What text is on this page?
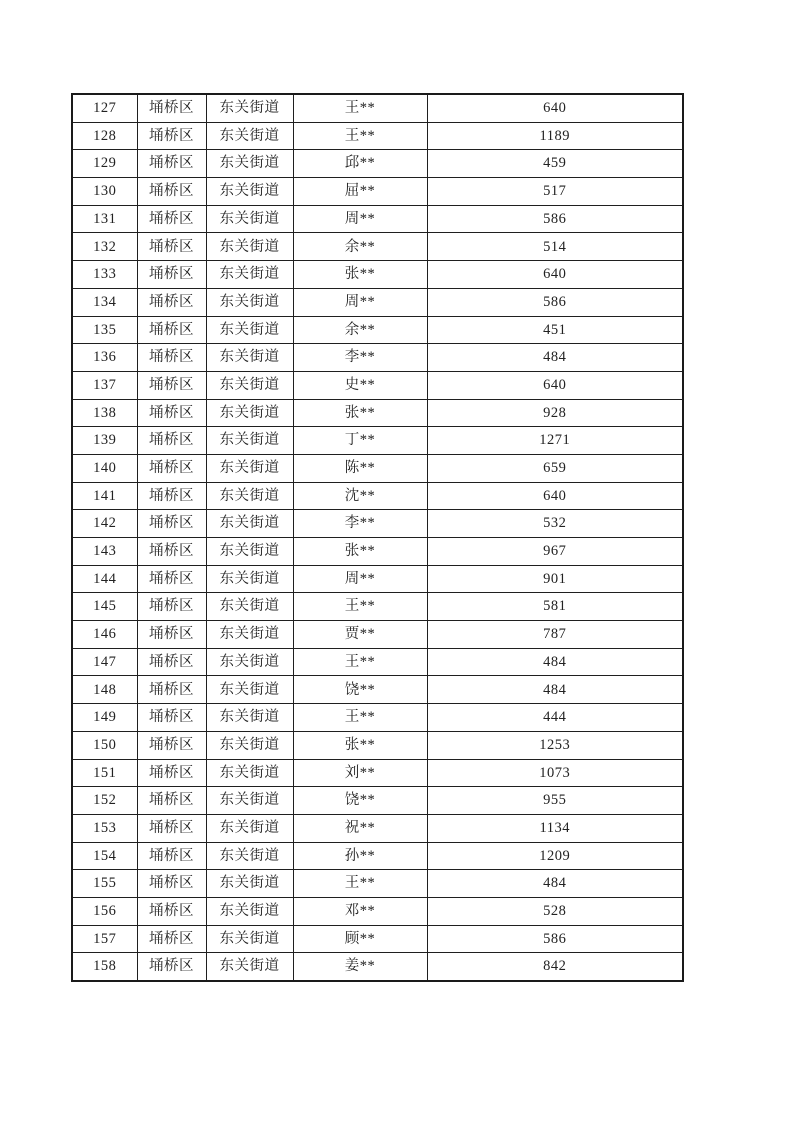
127	埇桥区	东关街道	王**	640
128	埇桥区	东关街道	王**	1189
129	埇桥区	东关街道	邱**	459
130	埇桥区	东关街道	屈**	517
131	埇桥区	东关街道	周**	586
132	埇桥区	东关街道	余**	514
133	埇桥区	东关街道	张**	640
134	埇桥区	东关街道	周**	586
135	埇桥区	东关街道	余**	451
136	埇桥区	东关街道	李**	484
137	埇桥区	东关街道	史**	640
138	埇桥区	东关街道	张**	928
139	埇桥区	东关街道	丁**	1271
140	埇桥区	东关街道	陈**	659
141	埇桥区	东关街道	沈**	640
142	埇桥区	东关街道	李**	532
143	埇桥区	东关街道	张**	967
144	埇桥区	东关街道	周**	901
145	埇桥区	东关街道	王**	581
146	埇桥区	东关街道	贾**	787
147	埇桥区	东关街道	王**	484
148	埇桥区	东关街道	饶**	484
149	埇桥区	东关街道	王**	444
150	埇桥区	东关街道	张**	1253
151	埇桥区	东关街道	刘**	1073
152	埇桥区	东关街道	饶**	955
153	埇桥区	东关街道	祝**	1134
154	埇桥区	东关街道	孙**	1209
155	埇桥区	东关街道	王**	484
156	埇桥区	东关街道	邓**	528
157	埇桥区	东关街道	顾**	586
158	埇桥区	东关街道	姜**	842
